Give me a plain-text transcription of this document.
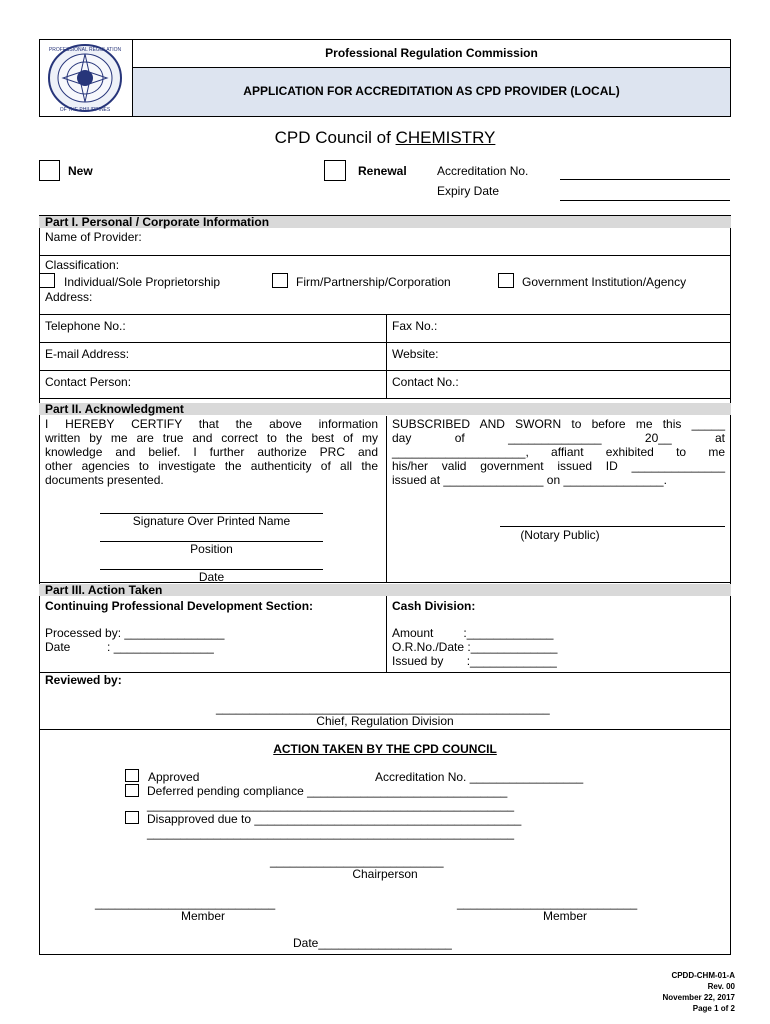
PROFESSIONAL REGULATION
OF THE PHILIPPINES
Professional Regulation Commission
APPLICATION FOR ACCREDITATION AS CPD PROVIDER (LOCAL)
CPD Council of CHEMISTRY
New	Renewal	Accreditation No.
Expiry Date
Part I. Personal / Corporate Information
Name of Provider:
Classification:
Individual/Sole Proprietorship	Firm/Partnership/Corporation	Government Institution/Agency
Address:
Telephone No.:	Fax No.:
E-mail Address:	Website:
Contact Person:	Contact No.:
Part II. Acknowledgment
I HEREBY CERTIFY that the above information
written by me are true and correct to the best of my
knowledge and belief. I further authorize PRC and
other agencies to investigate the authenticity of all the
documents presented.
SUBSCRIBED AND SWORN to before me this _____
day of ______________ 20__ at
____________________, affiant exhibited to me
his/her valid government issued ID ______________
issued at _______________ on _______________.
Signature Over Printed Name
Position
Date
(Notary Public)
Part III. Action Taken
Continuing Professional Development Section:	Cash Division:
Processed by: _______________
Date           : _______________
Amount         :_____________
O.R.No./Date :_____________
Issued by       :_____________
Reviewed by:
__________________________________________________
Chief, Regulation Division
ACTION TAKEN BY THE CPD COUNCIL
Approved	Accreditation No. _________________
Deferred pending compliance ______________________________
_______________________________________________________
Disapproved due to ________________________________________
_______________________________________________________
__________________________
Chairperson
___________________________
Member
___________________________
Member
Date____________________
CPDD-CHM-01-A
Rev. 00
November 22, 2017
Page 1 of 2
